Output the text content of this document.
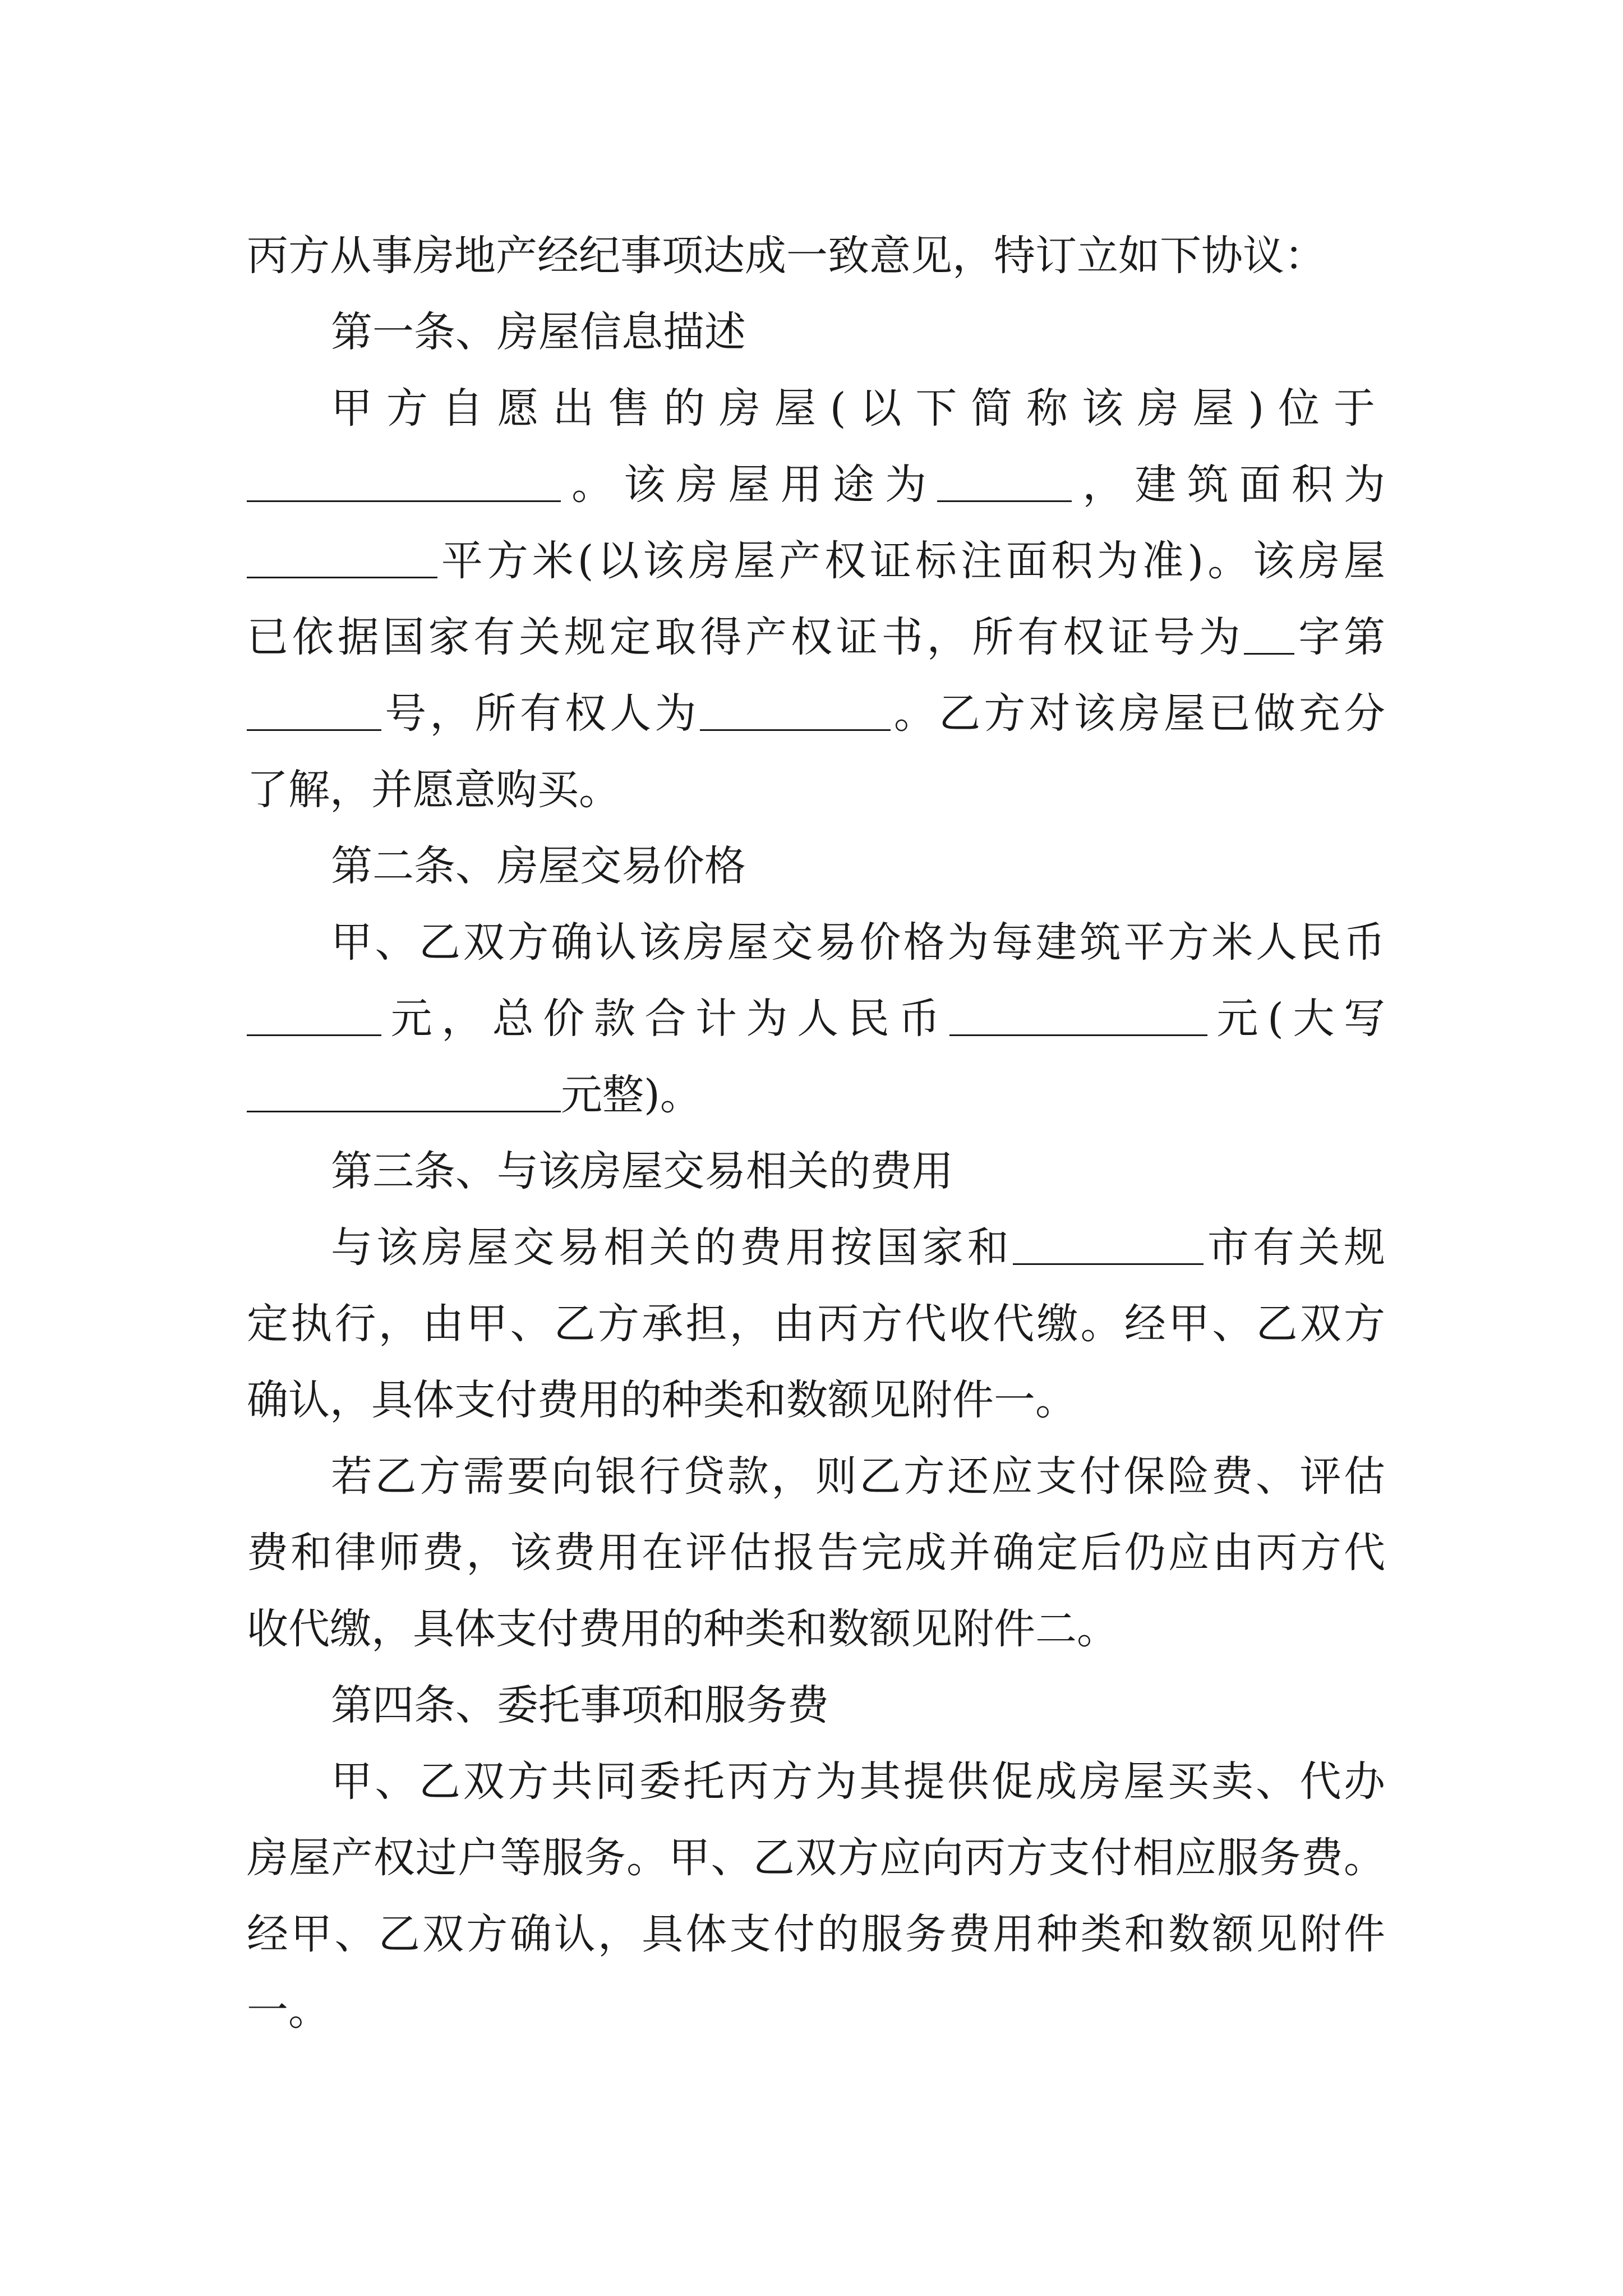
丙方从事房地产经纪事项达成一致意见，特订立如下协议：
第一条、房屋信息描述
甲方自愿出售的房屋(以下简称该房屋)位于
。该房屋用途为	，建筑面积为
平方米(以该房屋产权证标注面积为准)。该房屋
已依据国家有关规定取得产权证书，所有权证号为 字第
号，所有权人为	。乙方对该房屋已做充分
了解，并愿意购买。
第二条、房屋交易价格
甲、乙双方确认该房屋交易价格为每建筑平方米人民币
元，总价款合计为人民币	元(大写
元整)。
第三条、与该房屋交易相关的费用
与该房屋交易相关的费用按国家和	市有关规
定执行，由甲、乙方承担，由丙方代收代缴。经甲、乙双方
确认，具体支付费用的种类和数额见附件一。
若乙方需要向银行贷款，则乙方还应支付保险费、评估
费和律师费，该费用在评估报告完成并确定后仍应由丙方代
收代缴，具体支付费用的种类和数额见附件二。
第四条、委托事项和服务费
甲、乙双方共同委托丙方为其提供促成房屋买卖、代办
房屋产权过户等服务。甲、乙双方应向丙方支付相应服务费。
经甲、乙双方确认，具体支付的服务费用种类和数额见附件
一。
